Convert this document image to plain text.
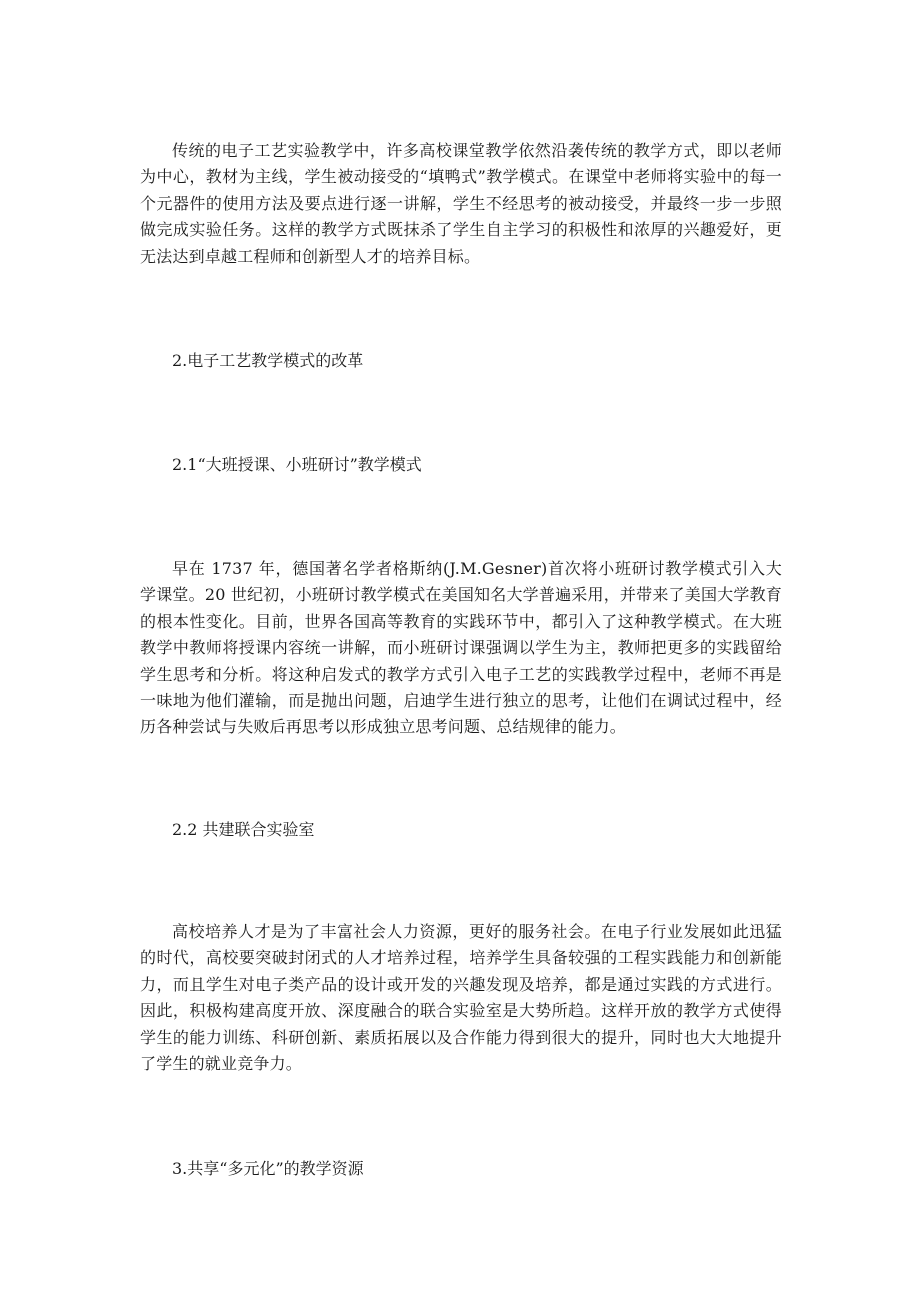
传统的电子工艺实验教学中，许多高校课堂教学依然沿袭传统的教学方式，即以老师为中心，教材为主线，学生被动接受的“填鸭式”教学模式。在课堂中老师将实验中的每一个元器件的使用方法及要点进行逐一讲解，学生不经思考的被动接受，并最终一步一步照做完成实验任务。这样的教学方式既抹杀了学生自主学习的积极性和浓厚的兴趣爱好，更无法达到卓越工程师和创新型人才的培养目标。

2.电子工艺教学模式的改革

2.1“大班授课、小班研讨”教学模式

早在 1737 年，德国著名学者格斯纳(J.M.Gesner)首次将小班研讨教学模式引入大学课堂。20 世纪初，小班研讨教学模式在美国知名大学普遍采用，并带来了美国大学教育的根本性变化。目前，世界各国高等教育的实践环节中，都引入了这种教学模式。在大班教学中教师将授课内容统一讲解，而小班研讨课强调以学生为主，教师把更多的实践留给学生思考和分析。将这种启发式的教学方式引入电子工艺的实践教学过程中，老师不再是一味地为他们灌输，而是抛出问题，启迪学生进行独立的思考，让他们在调试过程中，经历各种尝试与失败后再思考以形成独立思考问题、总结规律的能力。

2.2 共建联合实验室

高校培养人才是为了丰富社会人力资源，更好的服务社会。在电子行业发展如此迅猛的时代，高校要突破封闭式的人才培养过程，培养学生具备较强的工程实践能力和创新能力，而且学生对电子类产品的设计或开发的兴趣发现及培养，都是通过实践的方式进行。因此，积极构建高度开放、深度融合的联合实验室是大势所趋。这样开放的教学方式使得学生的能力训练、科研创新、素质拓展以及合作能力得到很大的提升，同时也大大地提升了学生的就业竞争力。

3.共享“多元化”的教学资源
